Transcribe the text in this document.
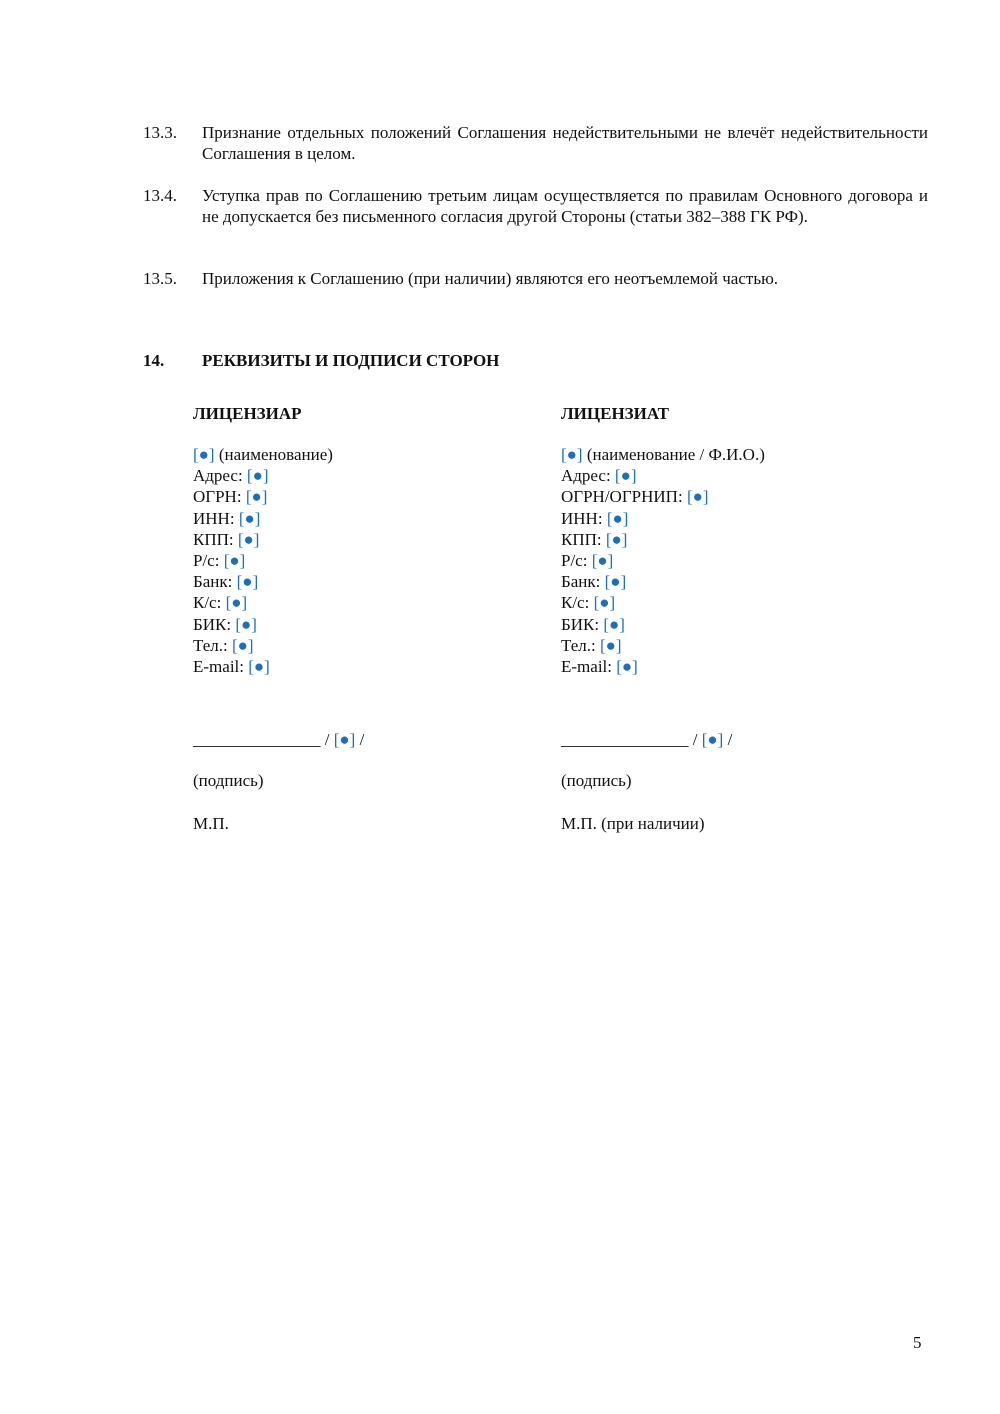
13.3.	Признание отдельных положений Соглашения недействительными не влечёт недействительности Соглашения в целом.
13.4.	Уступка прав по Соглашению третьим лицам осуществляется по правилам Основного договора и не допускается без письменного согласия другой Стороны (статьи 382–388 ГК РФ).
13.5.	Приложения к Соглашению (при наличии) являются его неотъемлемой частью.
14.	РЕКВИЗИТЫ И ПОДПИСИ СТОРОН
ЛИЦЕНЗИАР
[●] (наименование)
Адрес: [●]
ОГРН: [●]
ИНН: [●]
КПП: [●]
Р/с: [●]
Банк: [●]
К/с: [●]
БИК: [●]
Тел.: [●]
E-mail: [●]
ЛИЦЕНЗИАТ
[●] (наименование / Ф.И.О.)
Адрес: [●]
ОГРН/ОГРНИП: [●]
ИНН: [●]
КПП: [●]
Р/с: [●]
Банк: [●]
К/с: [●]
БИК: [●]
Тел.: [●]
E-mail: [●]
_______________ / [●] /	_______________ / [●] /
(подпись)	(подпись)
М.П.	М.П. (при наличии)
5
